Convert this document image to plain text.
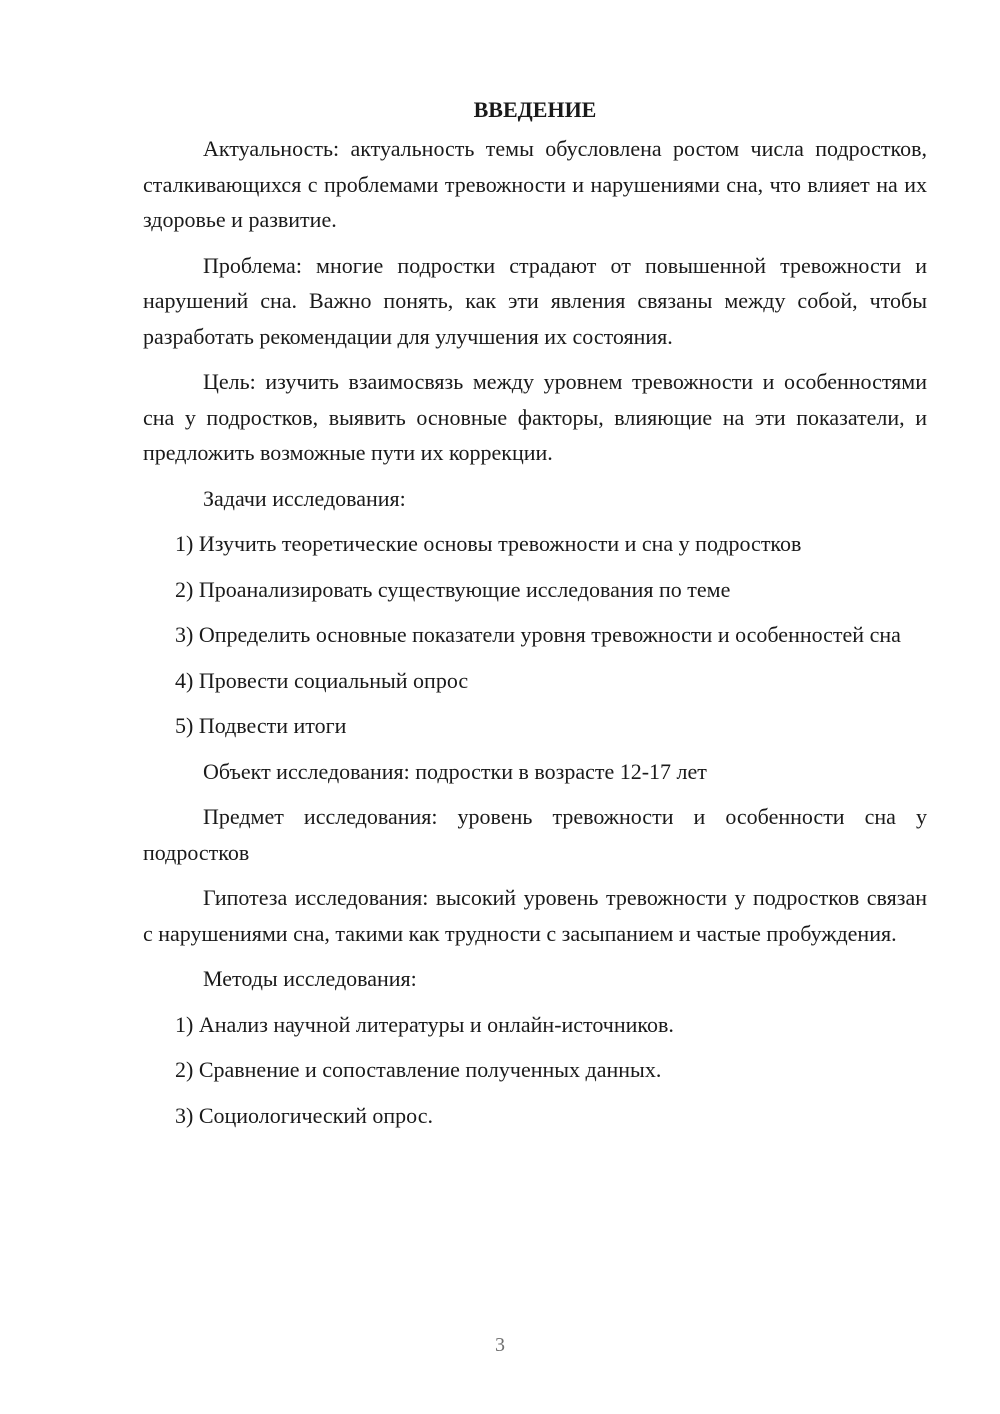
ВВЕДЕНИЕ

Актуальность: актуальность темы обусловлена ростом числа подростков, сталкивающихся с проблемами тревожности и нарушениями сна, что влияет на их здоровье и развитие.

Проблема: многие подростки страдают от повышенной тревожности и нарушений сна. Важно понять, как эти явления связаны между собой, чтобы разработать рекомендации для улучшения их состояния.

Цель: изучить взаимосвязь между уровнем тревожности и особенностями сна у подростков, выявить основные факторы, влияющие на эти показатели, и предложить возможные пути их коррекции.

Задачи исследования:

1) Изучить теоретические основы тревожности и сна у подростков

2) Проанализировать существующие исследования по теме

3) Определить основные показатели уровня тревожности и особенностей сна

4) Провести социальный опрос

5) Подвести итоги

Объект исследования: подростки в возрасте 12-17 лет

Предмет исследования: уровень тревожности и особенности сна у подростков

Гипотеза исследования: высокий уровень тревожности у подростков связан с нарушениями сна, такими как трудности с засыпанием и частые пробуждения.

Методы исследования:

1) Анализ научной литературы и онлайн-источников.

2) Сравнение и сопоставление полученных данных.

3) Социологический опрос.

3
